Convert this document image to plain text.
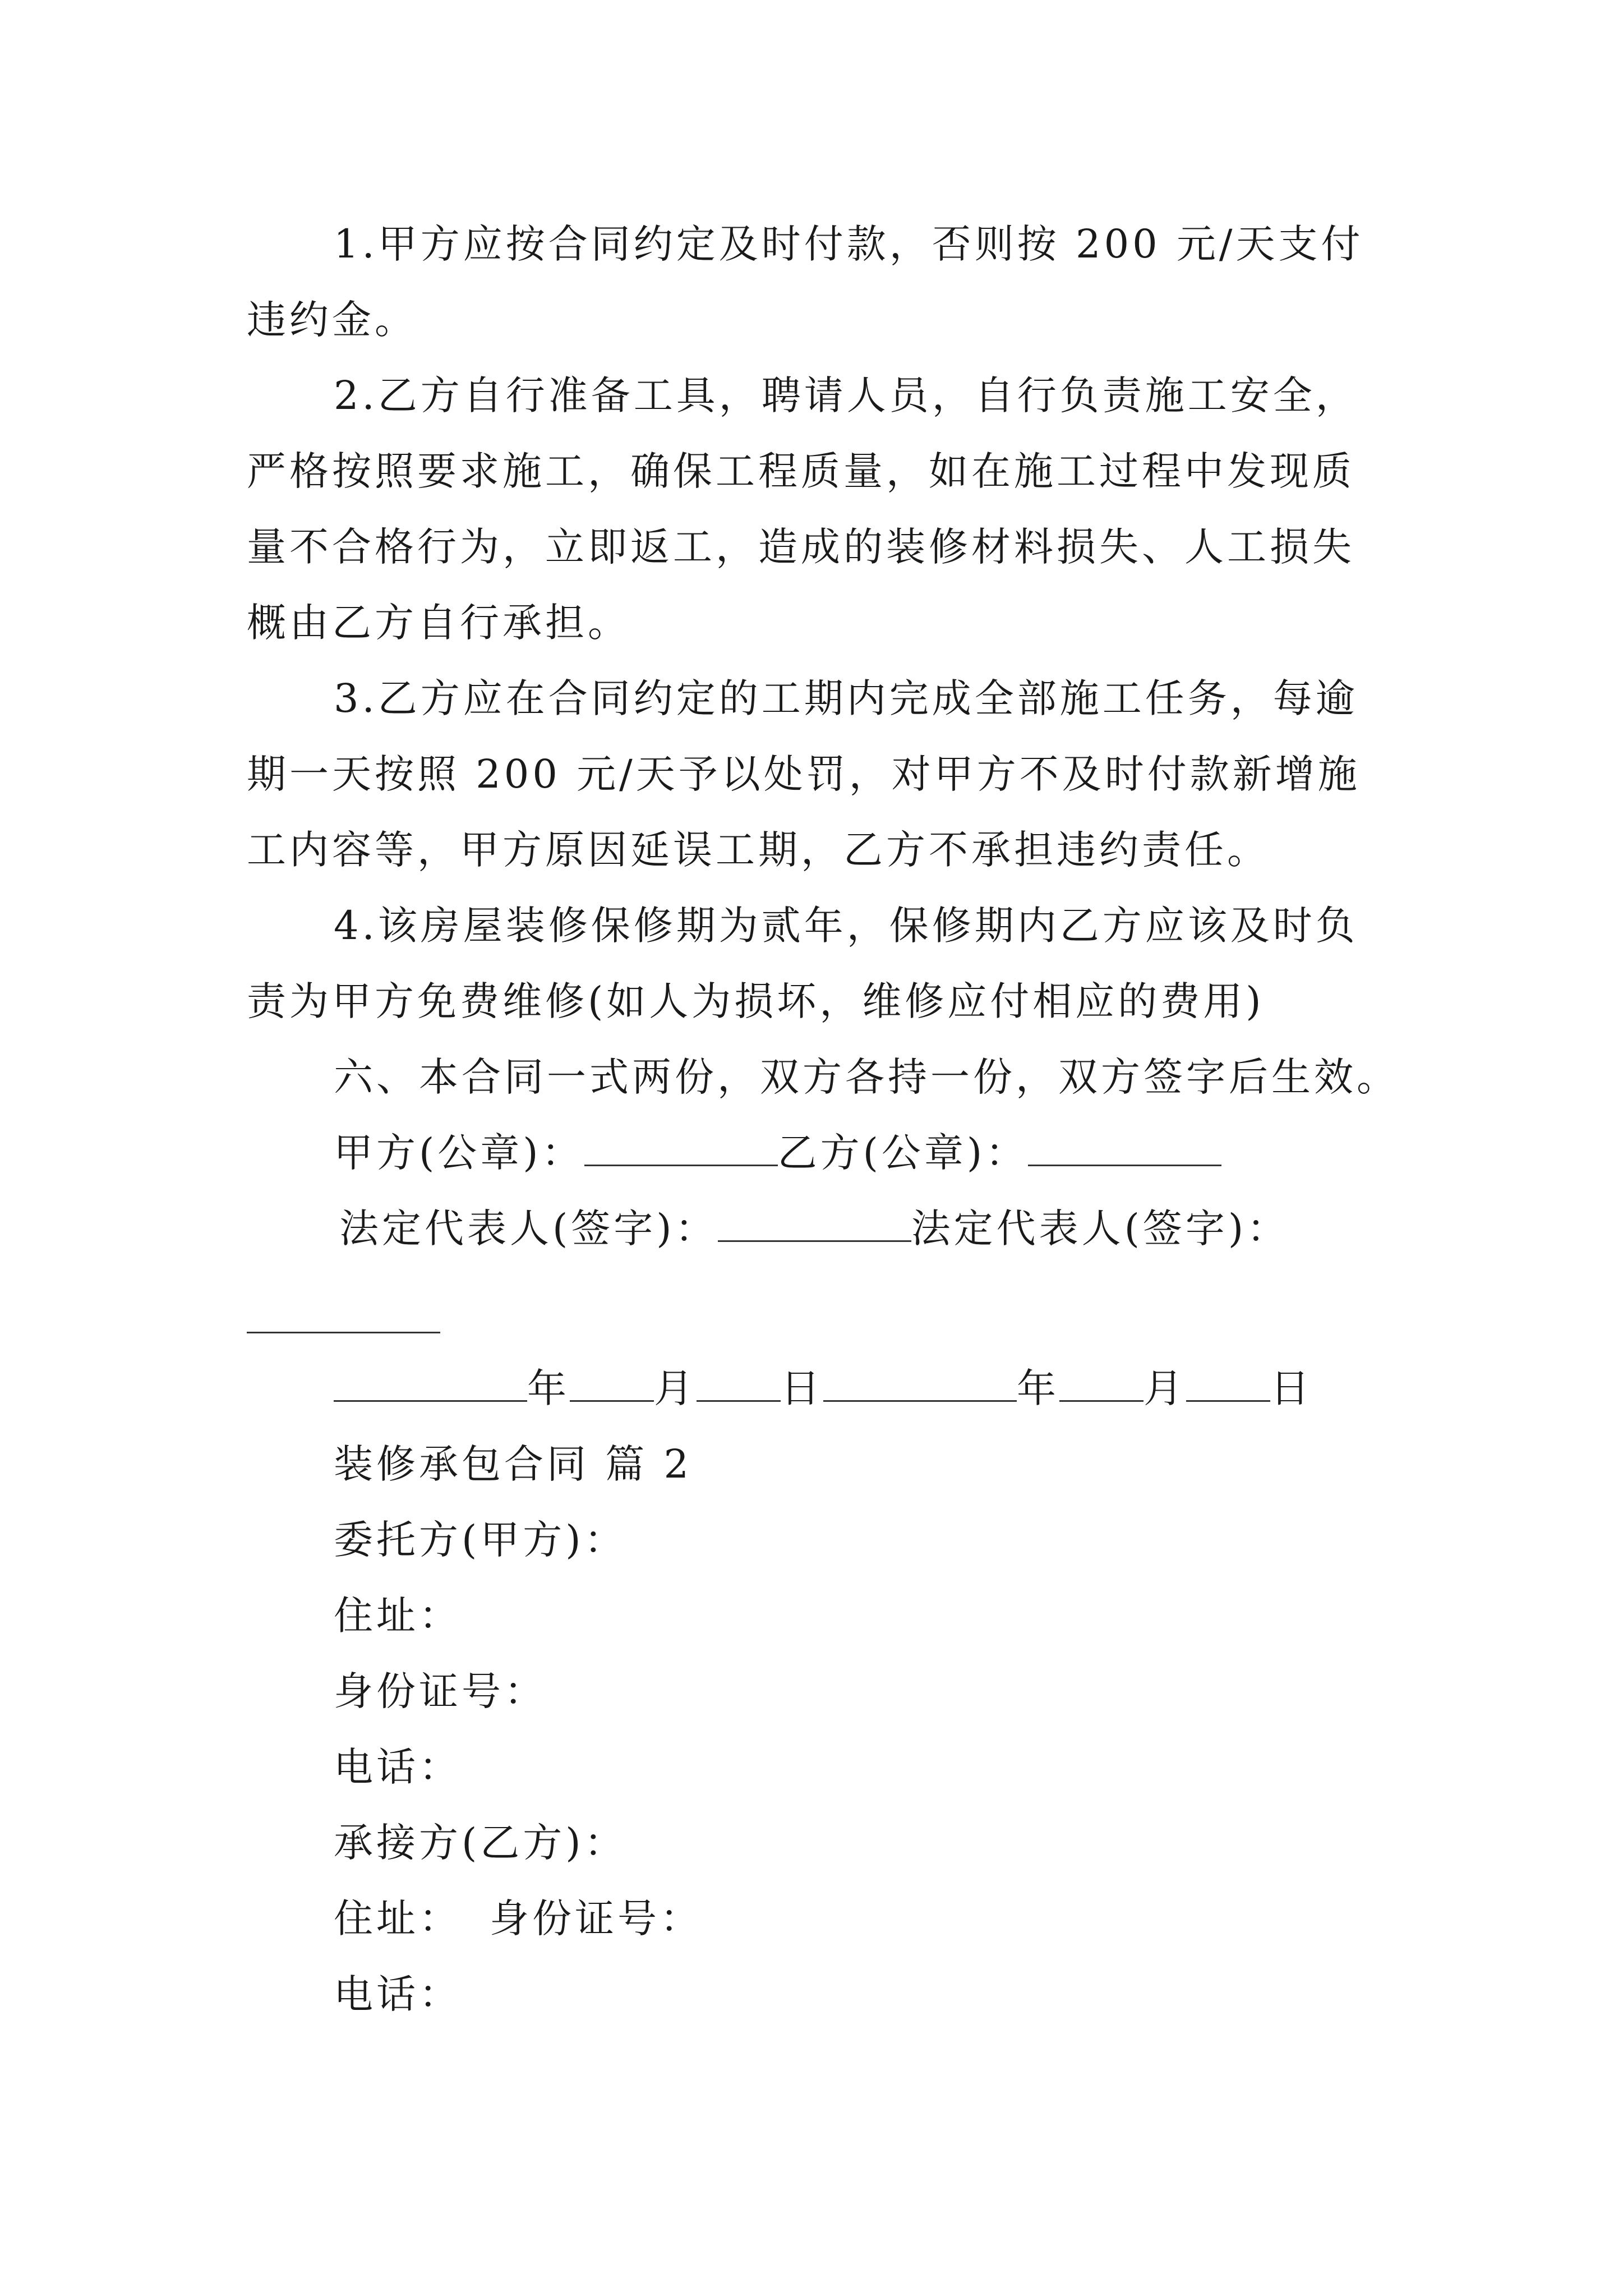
1.甲方应按合同约定及时付款，否则按 200 元/天支付
违约金。
2.乙方自行准备工具，聘请人员，自行负责施工安全，
严格按照要求施工，确保工程质量，如在施工过程中发现质
量不合格行为，立即返工，造成的装修材料损失、人工损失
概由乙方自行承担。
3.乙方应在合同约定的工期内完成全部施工任务，每逾
期一天按照 200 元/天予以处罚，对甲方不及时付款新增施
工内容等，甲方原因延误工期，乙方不承担违约责任。
4.该房屋装修保修期为贰年，保修期内乙方应该及时负
责为甲方免费维修(如人为损坏，维修应付相应的费用)
六、本合同一式两份，双方各持一份，双方签字后生效。
甲方(公章)：	乙方(公章)：
法定代表人(签字)：	法定代表人(签字)：
年 月 日	年 月 日
装修承包合同 篇 2
委托方(甲方)：
住址：
身份证号：
电话：
承接方(乙方)：
住址： 身份证号：
电话：
